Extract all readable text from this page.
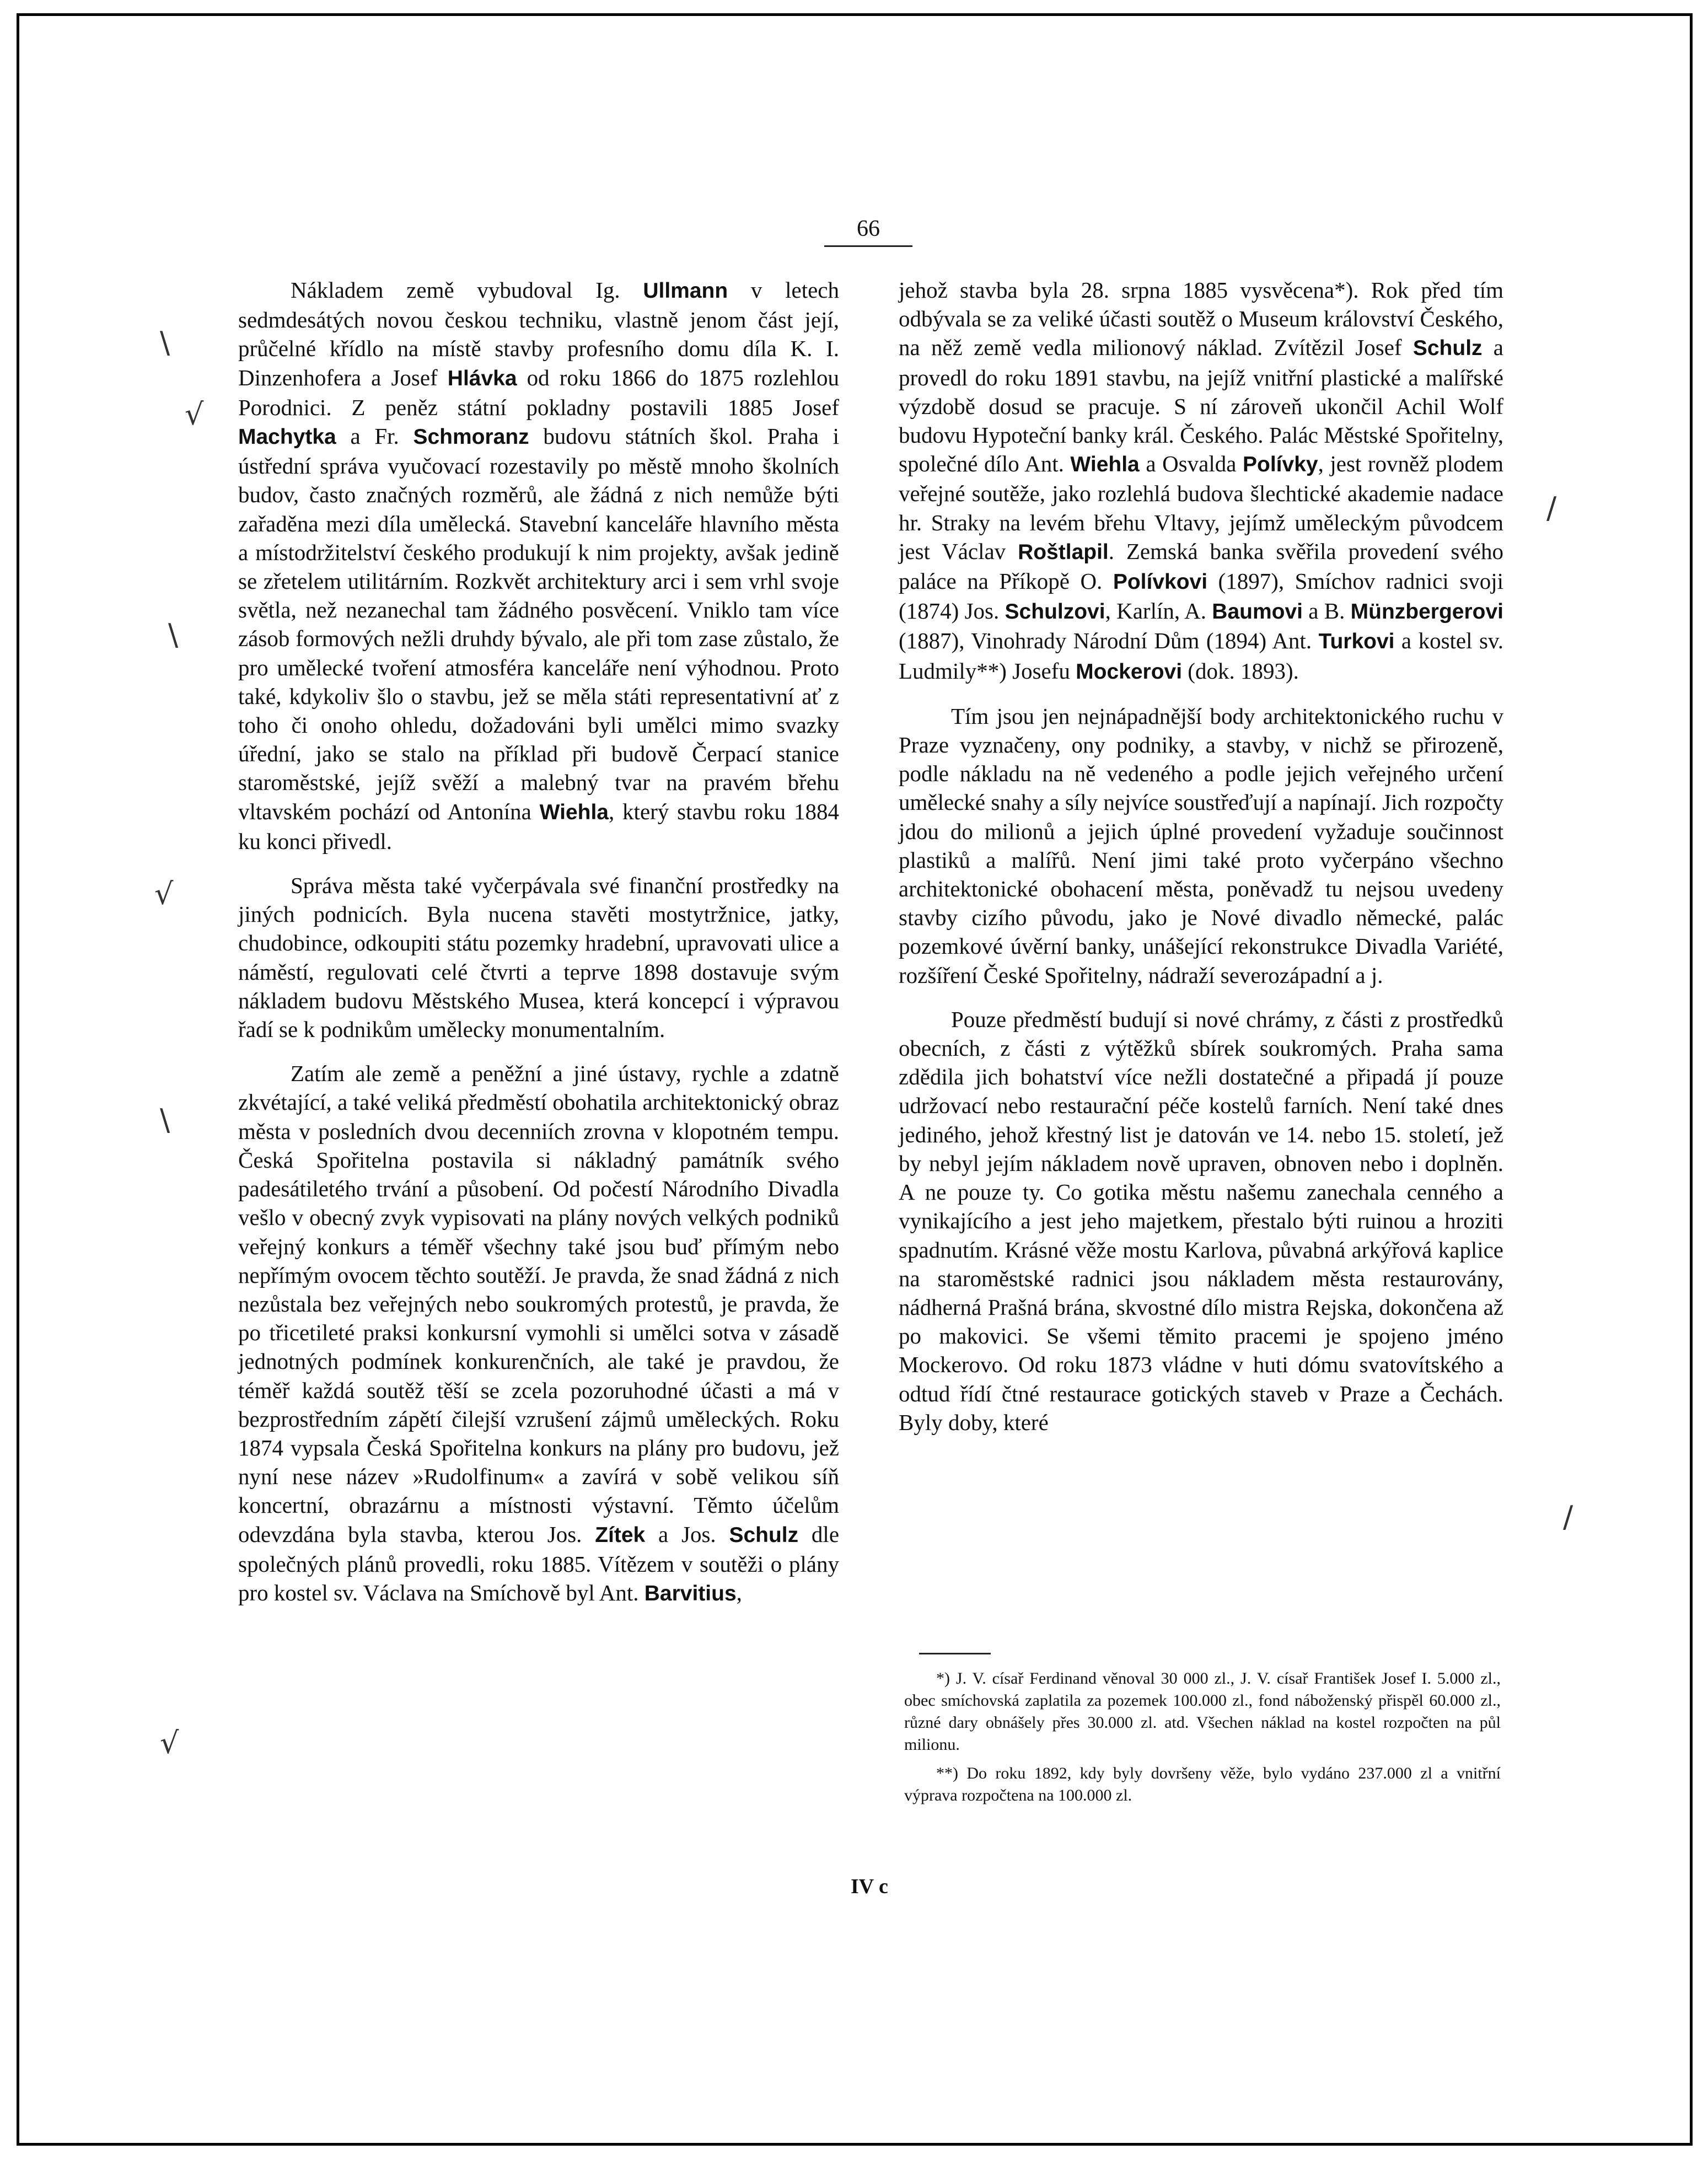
66

Nákladem země vybudoval Ig. Ullmann v letech sedmdesátých novou českou techniku, vlastně jenom část její, průčelné křídlo na místě stavby profesního domu díla K. I. Dinzenhofera a Josef Hlávka od roku 1866 do 1875 rozlehlou Porodnici. Z peněz státní pokladny postavili 1885 Josef Machytka a Fr. Schmoranz budovu státních škol. Praha i ústřední správa vyučovací rozestavily po městě mnoho školních budov, často značných rozměrů, ale žádná z nich nemůže býti zařaděna mezi díla umělecká. Stavební kanceláře hlavního města a místodržitelství českého produkují k nim projekty, avšak jedině se zřetelem utilitárním. Rozkvět architektury arci i sem vrhl svoje světla, než nezanechal tam žádného posvěcení. Vniklo tam více zásob formových nežli druhdy bývalo, ale při tom zase zůstalo, že pro umělecké tvoření atmosféra kanceláře není výhodnou. Proto také, kdykoliv šlo o stavbu, jež se měla státi representativní ať z toho či onoho ohledu, dožadováni byli umělci mimo svazky úřední, jako se stalo na příklad při budově Čerpací stanice staroměstské, jejíž svěží a malebný tvar na pravém břehu vltavském pochází od Antonína Wiehla, který stavbu roku 1884 ku konci přivedl.

Správa města také vyčerpávala své finanční prostředky na jiných podnicích. Byla nucena stavěti mostytržnice, jatky, chudobince, odkoupiti státu pozemky hradební, upravovati ulice a náměstí, regulovati celé čtvrti a teprve 1898 dostavuje svým nákladem budovu Městského Musea, která koncepcí i výpravou řadí se k podnikům umělecky monumentalním.

Zatím ale země a peněžní a jiné ústavy, rychle a zdatně zkvétající, a také veliká předměstí obohatila architektonický obraz města v posledních dvou decenniích zrovna v klopotném tempu. Česká Spořitelna postavila si nákladný památník svého padesátiletého trvání a působení. Od počestí Národního Divadla vešlo v obecný zvyk vypisovati na plány nových velkých podniků veřejný konkurs a téměř všechny také jsou buď přímým nebo nepřímým ovocem těchto soutěží. Je pravda, že snad žádná z nich nezůstala bez veřejných nebo soukromých protestů, je pravda, že po třicetileté praksi konkursní vymohli si umělci sotva v zásadě jednotných podmínek konkurenčních, ale také je pravdou, že téměř každá soutěž těší se zcela pozoruhodné účasti a má v bezprostředním zápětí čilejší vzrušení zájmů uměleckých. Roku 1874 vypsala Česká Spořitelna konkurs na plány pro budovu, jež nyní nese název »Rudolfinum« a zavírá v sobě velikou síň koncertní, obrazárnu a místnosti výstavní. Těmto účelům odevzdána byla stavba, kterou Jos. Zítek a Jos. Schulz dle společných plánů provedli, roku 1885. Vítězem v soutěži o plány pro kostel sv. Václava na Smíchově byl Ant. Barvitius,

jehož stavba byla 28. srpna 1885 vysvěcena*). Rok před tím odbývala se za veliké účasti soutěž o Museum království Českého, na něž země vedla milionový náklad. Zvítězil Josef Schulz a provedl do roku 1891 stavbu, na jejíž vnitřní plastické a malířské výzdobě dosud se pracuje. S ní zároveň ukončil Achil Wolf budovu Hypoteční banky král. Českého. Palác Městské Spořitelny, společné dílo Ant. Wiehla a Osvalda Polívky, jest rovněž plodem veřejné soutěže, jako rozlehlá budova šlechtické akademie nadace hr. Straky na levém břehu Vltavy, jejímž uměleckým původcem jest Václav Roštlapil. Zemská banka svěřila provedení svého paláce na Příkopě O. Polívkovi (1897), Smíchov radnici svoji (1874) Jos. Schulzovi, Karlín, A. Baumovi a B. Münzbergerovi (1887), Vinohrady Národní Dům (1894) Ant. Turkovi a kostel sv. Ludmily**) Josefu Mockerovi (dok. 1893).

Tím jsou jen nejnápadnější body architektonického ruchu v Praze vyznačeny, ony podniky, a stavby, v nichž se přirozeně, podle nákladu na ně vedeného a podle jejich veřejného určení umělecké snahy a síly nejvíce soustřeďují a napínají. Jich rozpočty jdou do milionů a jejich úplné provedení vyžaduje součinnost plastiků a malířů. Není jimi také proto vyčerpáno všechno architektonické obohacení města, poněvadž tu nejsou uvedeny stavby cizího původu, jako je Nové divadlo německé, palác pozemkové úvěrní banky, unášející rekonstrukce Divadla Variété, rozšíření České Spořitelny, nádraží severozápadní a j.

Pouze předměstí budují si nové chrámy, z části z prostředků obecních, z části z výtěžků sbírek soukromých. Praha sama zdědila jich bohatství více nežli dostatečné a připadá jí pouze udržovací nebo restaurační péče kostelů farních. Není také dnes jediného, jehož křestný list je datován ve 14. nebo 15. století, jež by nebyl jejím nákladem nově upraven, obnoven nebo i doplněn. A ne pouze ty. Co gotika městu našemu zanechala cenného a vynikajícího a jest jeho majetkem, přestalo býti ruinou a hroziti spadnutím. Krásné věže mostu Karlova, půvabná arkýřová kaplice na staroměstské radnici jsou nákladem města restaurovány, nádherná Prašná brána, skvostné dílo mistra Rejska, dokončena až po makovici. Se všemi těmito pracemi je spojeno jméno Mockerovo. Od roku 1873 vládne v huti dómu svatovítského a odtud řídí čtné restaurace gotických staveb v Praze a Čechách. Byly doby, které

*) J. V. císař Ferdinand věnoval 30 000 zl., J. V. císař František Josef I. 5.000 zl., obec smíchovská zaplatila za pozemek 100.000 zl., fond náboženský přispěl 60.000 zl., různé dary obnášely přes 30.000 zl. atd. Všechen náklad na kostel rozpočten na půl milionu.

**) Do roku 1892, kdy byly dovršeny věže, bylo vydáno 237.000 zl a vnitřní výprava rozpočtena na 100.000 zl.

IV c
\
√
\
√
\
√
/
/
